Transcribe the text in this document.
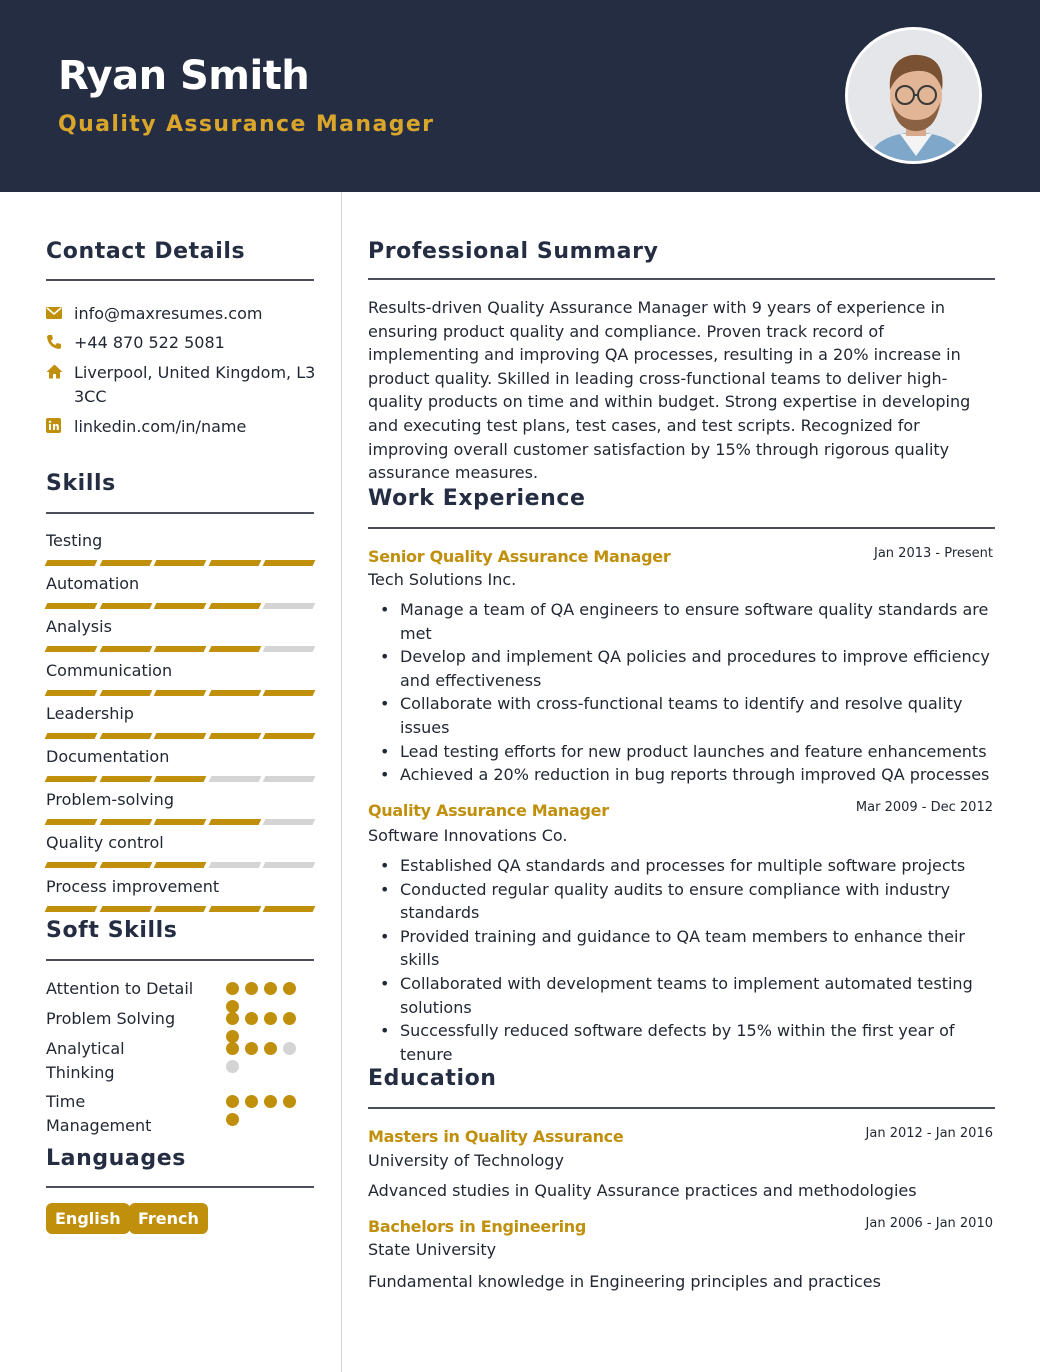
Ryan Smith
Quality Assurance Manager
Contact Details
info@maxresumes.com
+44 870 522 5081
Liverpool, United Kingdom, L3 3CC
linkedin.com/in/name
Skills
Testing
Automation
Analysis
Communication
Leadership
Documentation
Problem-solving
Quality control
Process improvement
Soft Skills
Attention to Detail
Problem Solving
Analytical Thinking
Time Management
Languages
English	French
Professional Summary
Results-driven Quality Assurance Manager with 9 years of experience in ensuring product quality and compliance. Proven track record of implementing and improving QA processes, resulting in a 20% increase in product quality. Skilled in leading cross-functional teams to deliver high-quality products on time and within budget. Strong expertise in developing and executing test plans, test cases, and test scripts. Recognized for improving overall customer satisfaction by 15% through rigorous quality assurance measures.
Work Experience
Senior Quality Assurance Manager	Jan 2013 - Present
Tech Solutions Inc.
• Manage a team of QA engineers to ensure software quality standards are met
• Develop and implement QA policies and procedures to improve efficiency and effectiveness
• Collaborate with cross-functional teams to identify and resolve quality issues
• Lead testing efforts for new product launches and feature enhancements
• Achieved a 20% reduction in bug reports through improved QA processes
Quality Assurance Manager	Mar 2009 - Dec 2012
Software Innovations Co.
• Established QA standards and processes for multiple software projects
• Conducted regular quality audits to ensure compliance with industry standards
• Provided training and guidance to QA team members to enhance their skills
• Collaborated with development teams to implement automated testing solutions
• Successfully reduced software defects by 15% within the first year of tenure
Education
Masters in Quality Assurance	Jan 2012 - Jan 2016
University of Technology
Advanced studies in Quality Assurance practices and methodologies
Bachelors in Engineering	Jan 2006 - Jan 2010
State University
Fundamental knowledge in Engineering principles and practices
